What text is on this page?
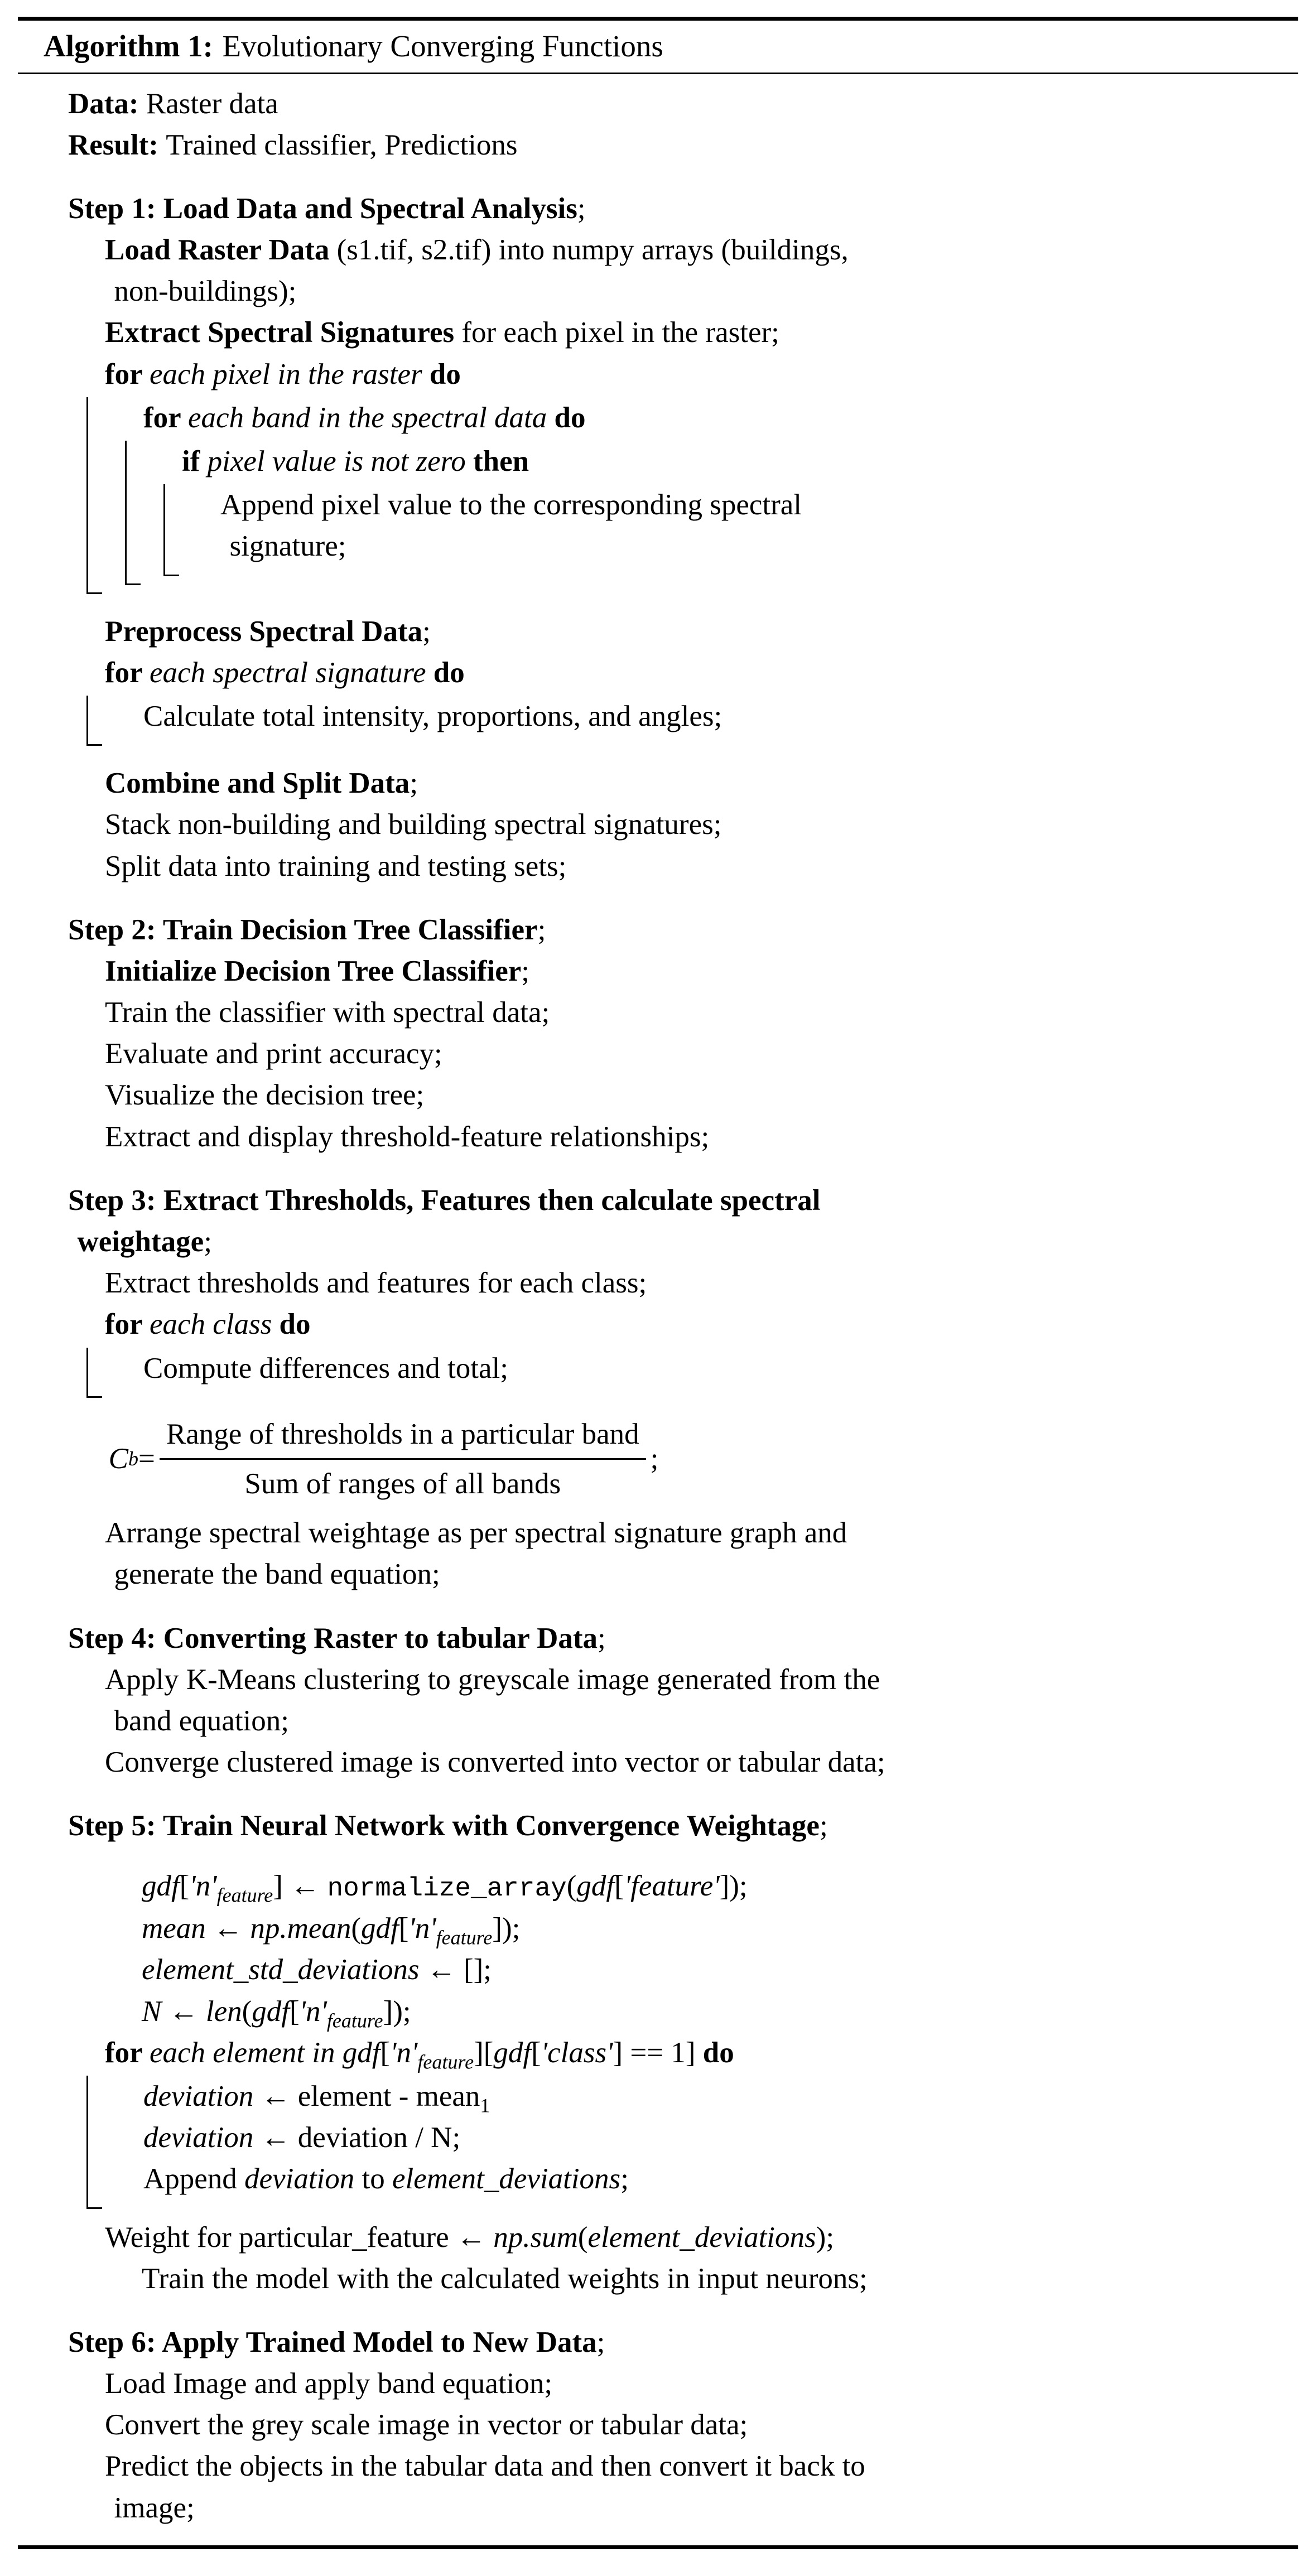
Algorithm 1: Evolutionary Converging Functions
Data: Raster data
Result: Trained classifier, Predictions
Step 1: Load Data and Spectral Analysis;
Load Raster Data (s1.tif, s2.tif) into numpy arrays (buildings,
non-buildings);
Extract Spectral Signatures for each pixel in the raster;
for each pixel in the raster do
for each band in the spectral data do
if pixel value is not zero then
Append pixel value to the corresponding spectral
signature;
Preprocess Spectral Data;
for each spectral signature do
Calculate total intensity, proportions, and angles;
Combine and Split Data;
Stack non-building and building spectral signatures;
Split data into training and testing sets;
Step 2: Train Decision Tree Classifier;
Initialize Decision Tree Classifier;
Train the classifier with spectral data;
Evaluate and print accuracy;
Visualize the decision tree;
Extract and display threshold-feature relationships;
Step 3: Extract Thresholds, Features then calculate spectral
weightage;
Extract thresholds and features for each class;
for each class do
Compute differences and total;
C $b = \frac{\text{Range of thresholds in a particular band}}{\text{Sum of ranges of all bands}}$ ;
Arrange spectral weightage as per spectral signature graph and
generate the band equation;
Step 4: Converting Raster to tabular Data;
Apply K-Means clustering to greyscale image generated from the
band equation;
Converge clustered image is converted into vector or tabular data;
Step 5: Train Neural Network with Convergence Weightage;
$gdf['n'_{feature}]$ ← normalize_array(gdf['feature']);
mean ← $np.mean(gdf['n'_{feature}])$;
element_std_deviations ← [];
N ← $len(gdf['n'_{feature}])$;
for each element in $gdf['n'_{feature}][gdf['class'] == 1]$ do
deviation ← element - mean$_1$
deviation ← deviation / N;
Append deviation to element_deviations;
Weight for particular_feature ← np.sum(element_deviations);
Train the model with the calculated weights in input neurons;
Step 6: Apply Trained Model to New Data;
Load Image and apply band equation;
Convert the grey scale image in vector or tabular data;
Predict the objects in the tabular data and then convert it back to
image;
